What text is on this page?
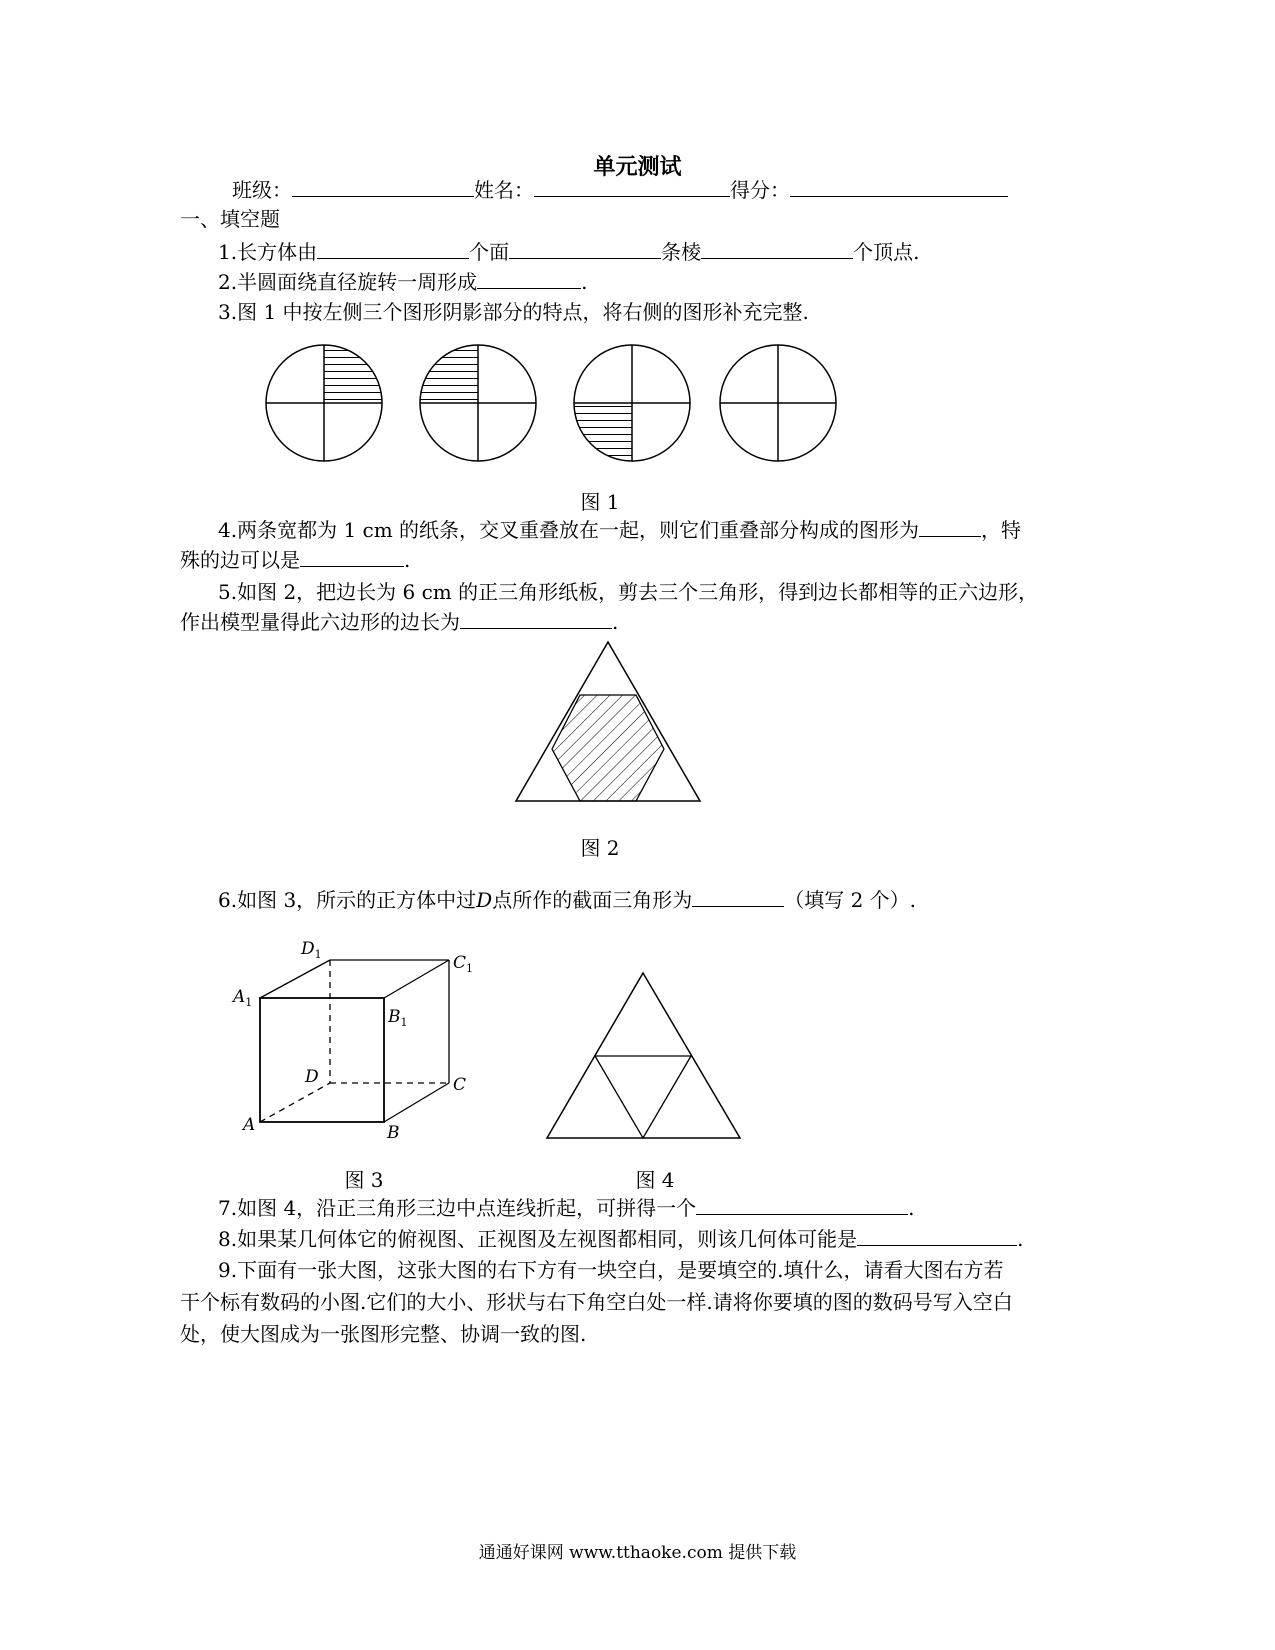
单元测试
班级：	姓名：	得分：
一、填空题
1.长方体由	个面	条棱	个顶点.
2.半圆面绕直径旋转一周形成	.
3.图 1 中按左侧三个图形阴影部分的特点，将右侧的图形补充完整.
图 1
4.两条宽都为 1 cm 的纸条，交叉重叠放在一起，则它们重叠部分构成的图形为	，特
殊的边可以是	.
5.如图 2，把边长为 6 cm 的正三角形纸板，剪去三个三角形，得到边长都相等的正六边形，
作出模型量得此六边形的边长为	.
图 2
6.如图 3，所示的正方体中过D点所作的截面三角形为	（填写 2 个）.
$D_1$	$C_1$
$A_1$
$B_1$
D	C
A	B
图 3	图 4
7.如图 4，沿正三角形三边中点连线折起，可拼得一个	.
8.如果某几何体它的俯视图、正视图及左视图都相同，则该几何体可能是	.
9.下面有一张大图，这张大图的右下方有一块空白，是要填空的.填什么，请看大图右方若
干个标有数码的小图.它们的大小、形状与右下角空白处一样.请将你要填的图的数码号写入空白
处，使大图成为一张图形完整、协调一致的图.
通通好课网 www.tthaoke.com 提供下载
